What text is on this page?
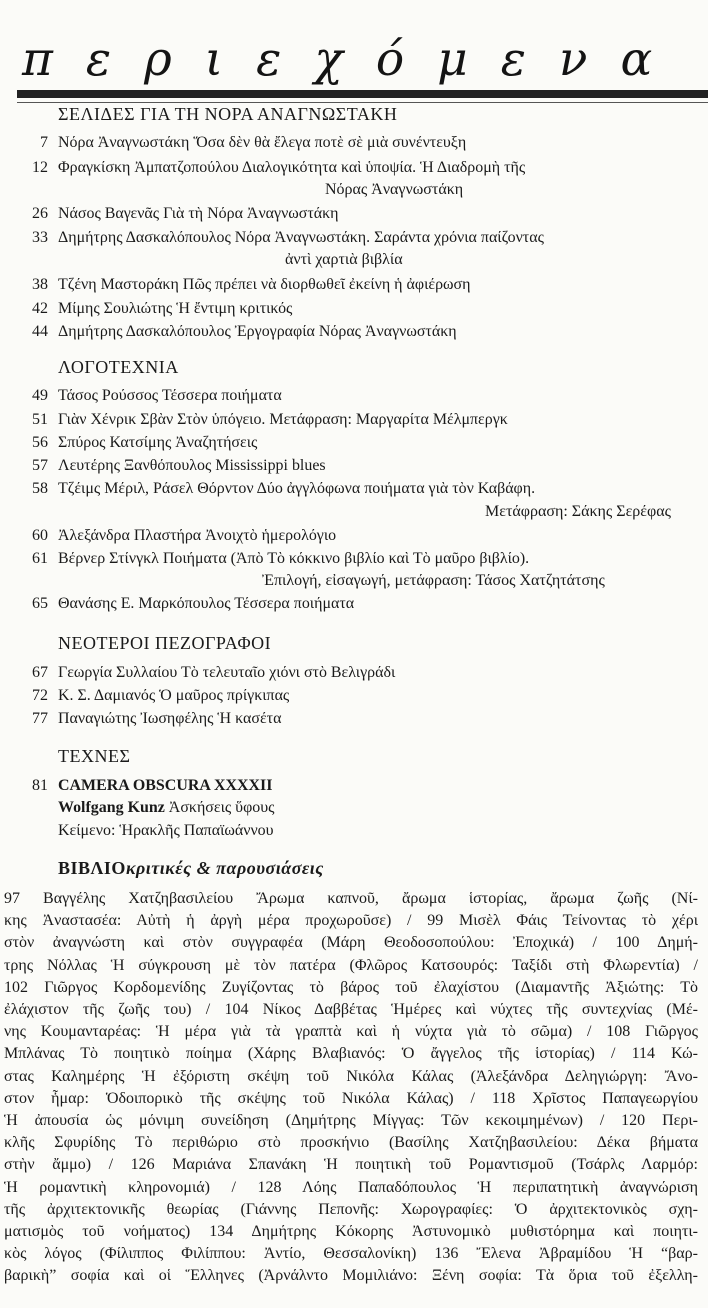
περιεχόμενα
ΣΕΛΙΔΕΣ ΓΙΑ ΤΗ ΝΟΡΑ ΑΝΑΓΝΩΣΤΑΚΗ
7 Νόρα Ἀναγνωστάκη Ὅσα δὲν θὰ ἔλεγα ποτὲ σὲ μιὰ συνέντευξη
12 Φραγκίσκη Ἀμπατζοπούλου Διαλογικότητα καὶ ὑποψία. Ἡ Διαδρομὴ τῆς
Νόρας Ἀναγνωστάκη
26 Νάσος Βαγενᾶς Γιὰ τὴ Νόρα Ἀναγνωστάκη
33 Δημήτρης Δασκαλόπουλος Νόρα Ἀναγνωστάκη. Σαράντα χρόνια παίζοντας
ἀντὶ χαρτιὰ βιβλία
38 Τζένη Μαστοράκη Πῶς πρέπει νὰ διορθωθεῖ ἐκείνη ἡ ἀφιέρωση
42 Μίμης Σουλιώτης Ἡ ἔντιμη κριτικός
44 Δημήτρης Δασκαλόπουλος Ἐργογραφία Νόρας Ἀναγνωστάκη
ΛΟΓΟΤΕΧΝΙΑ
49 Τάσος Ρούσσος Τέσσερα ποιήματα
51 Γιὰν Χένρικ Σβὰν Στὸν ὑπόγειο. Μετάφραση: Μαργαρίτα Μέλμπεργκ
56 Σπύρος Κατσίμης Ἀναζητήσεις
57 Λευτέρης Ξανθόπουλος Mississippi blues
58 Τζέιμς Μέριλ, Ράσελ Θόρντον Δύο ἀγγλόφωνα ποιήματα γιὰ τὸν Καβάφη.
Μετάφραση: Σάκης Σερέφας
60 Ἀλεξάνδρα Πλαστήρα Ἀνοιχτὸ ἡμερολόγιο
61 Βέρνερ Στίνγκλ Ποιήματα (Ἀπὸ Τὸ κόκκινο βιβλίο καὶ Τὸ μαῦρο βιβλίο).
Ἐπιλογή, εἰσαγωγή, μετάφραση: Τάσος Χατζητάτσης
65 Θανάσης Ε. Μαρκόπουλος Τέσσερα ποιήματα
ΝΕΟΤΕΡΟΙ ΠΕΖΟΓΡΑΦΟΙ
67 Γεωργία Συλλαίου Τὸ τελευταῖο χιόνι στὸ Βελιγράδι
72 Κ. Σ. Δαμιανός Ὁ μαῦρος πρίγκιπας
77 Παναγιώτης Ἰωσηφέλης Ἡ κασέτα
ΤΕΧΝΕΣ
81 CAMERA OBSCURA XXXXII
Wolfgang Kunz Ἀσκήσεις ὕφους
Κείμενο: Ἡρακλῆς Παπαϊωάννου
ΒΙΒΛΙΟκριτικές & παρουσιάσεις
97 Βαγγέλης Χατζηβασιλείου Ἄρωμα καπνοῦ, ἄρωμα ἱστορίας, ἄρωμα ζωῆς (Νί-
κης Ἀναστασέα: Αὐτὴ ἡ ἀργὴ μέρα προχωροῦσε) / 99 Μισὲλ Φάις Τείνοντας τὸ χέρι
στὸν ἀναγνώστη καὶ στὸν συγγραφέα (Μάρη Θεοδοσοπούλου: Ἐποχικά) / 100 Δημή-
τρης Νόλλας Ἡ σύγκρουση μὲ τὸν πατέρα (Φλῶρος Κατσουρός: Ταξίδι στὴ Φλωρεντία) /
102 Γιῶργος Κορδομενίδης Ζυγίζοντας τὸ βάρος τοῦ ἐλαχίστου (Διαμαντῆς Ἀξιώτης: Τὸ
ἐλάχιστον τῆς ζωῆς του) / 104 Νίκος Δαββέτας Ἡμέρες καὶ νύχτες τῆς συντεχνίας (Μέ-
νης Κουμανταρέας: Ἡ μέρα γιὰ τὰ γραπτὰ καὶ ἡ νύχτα γιὰ τὸ σῶμα) / 108 Γιῶργος
Μπλάνας Τὸ ποιητικὸ ποίημα (Χάρης Βλαβιανός: Ὁ ἄγγελος τῆς ἱστορίας) / 114 Κώ-
στας Καλημέρης Ἡ ἐξόριστη σκέψη τοῦ Νικόλα Κάλας (Ἀλεξάνδρα Δεληγιώργη: Ἄνο-
στον ἦμαρ: Ὁδοιπορικὸ τῆς σκέψης τοῦ Νικόλα Κάλας) / 118 Χρῖστος Παπαγεωργίου
Ἡ ἀπουσία ὡς μόνιμη συνείδηση (Δημήτρης Μίγγας: Τῶν κεκοιμημένων) / 120 Περι-
κλῆς Σφυρίδης Τὸ περιθώριο στὸ προσκήνιο (Βασίλης Χατζηβασιλείου: Δέκα βήματα
στὴν ἄμμο) / 126 Μαριάνα Σπανάκη Ἡ ποιητικὴ τοῦ Ρομαντισμοῦ (Τσάρλς Λαρμόρ:
Ἡ ρομαντικὴ κληρονομιά) / 128 Λόης Παπαδόπουλος Ἡ περιπατητικὴ ἀναγνώριση
τῆς ἀρχιτεκτονικῆς θεωρίας (Γιάννης Πεπονῆς: Χωρογραφίες: Ὁ ἀρχιτεκτονικὸς σχη-
ματισμὸς τοῦ νοήματος) 134 Δημήτρης Κόκορης Ἀστυνομικὸ μυθιστόρημα καὶ ποιητι-
κὸς λόγος (Φίλιππος Φιλίππου: Ἀντίο, Θεσσαλονίκη) 136 Ἔλενα Ἀβραμίδου Ἡ “βαρ-
βαρικὴ” σοφία καὶ οἱ Ἕλληνες (Ἀρνάλντο Μομιλιάνο: Ξένη σοφία: Τὰ ὅρια τοῦ ἐξελλη-
